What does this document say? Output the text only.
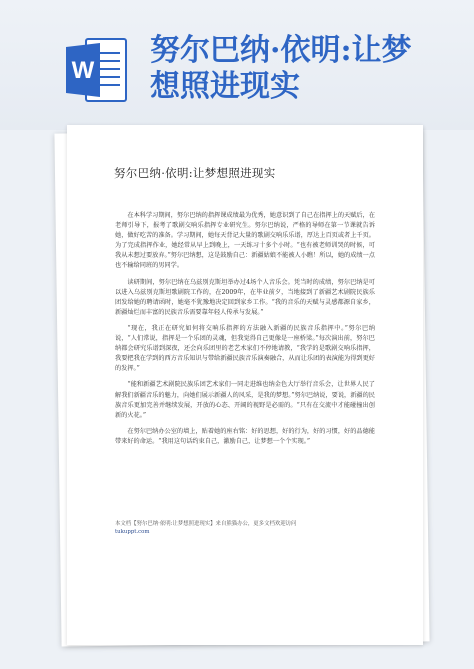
W
努尔巴纳·依明:让梦
想照进现实
努尔巴纳·依明:让梦想照进现实

在本科学习期间，努尔巴纳的指挥课成绩最为优秀，她意识到了自己在指挥上的天赋后，在老师引导下，报考了歌剧交响乐指挥专业研究生。努尔巴纳说，严格的导师在第一节课就告诉她，做好吃苦的准备。学习期间，她每天背记大量的歌剧交响乐乐谱，厚达上百页或者上千页。为了完成指挥作业，她经常从早上到晚上，一天练习十多个小时。“也有被老师训哭的时候，可我从未想过要放弃。”努尔巴纳想，这是鼓励自己：新疆姑娘不能被人小瞧！所以，她的成绩一点也不输给同班的男同学。

读研期间，努尔巴纳在乌兹别克斯坦举办过4场个人音乐会。凭当时的成绩，努尔巴纳是可以进入乌兹别克斯坦歌剧院工作的，在2009年，在毕业前夕，当地接到了新疆艺术剧院民族乐团发给她的聘请函时，她毫不犹豫地决定回到家乡工作。“我的音乐的天赋与灵感都源自家乡，新疆灿烂而丰富的民族音乐需要靠年轻人传承与发展。”

“现在，我正在研究如何将交响乐指挥的方法融入新疆的民族音乐指挥中。”努尔巴纳说，“人们常说，指挥是一个乐团的灵魂，但我觉得自己更像是一座桥梁。”每次演出前，努尔巴纳都会研究乐谱到深夜，还会向乐团里的老艺术家们不停地请教，“我学的是歌剧交响乐指挥，我要把我在学到的西方音乐知识与带给新疆民族音乐演奏融合，从而让乐团的表演能为得到更好的发挥。”

“能和新疆艺术剧院民族乐团艺术家们一同走进维也纳金色大厅举行音乐会，让世界人民了解我们新疆音乐的魅力，向她们展示新疆人的风采，是我的梦想。”努尔巴纳说，要说，新疆的民族音乐更加完善并继续发展，开放的心态、开阔的视野是必需的。“只有在交流中才能碰撞出创新的火花。”

在努尔巴纳办公室的墙上，贴着她的座右铭：好的思想，好的行为，好的习惯，好的品德能带来好的命运。“我用这句话约束自己，激励自己，让梦想一个个实现。”

本文档【努尔巴纳·依明:让梦想照进现实】来自熊猫办公，更多文档欢迎访问
tukuppt.com
